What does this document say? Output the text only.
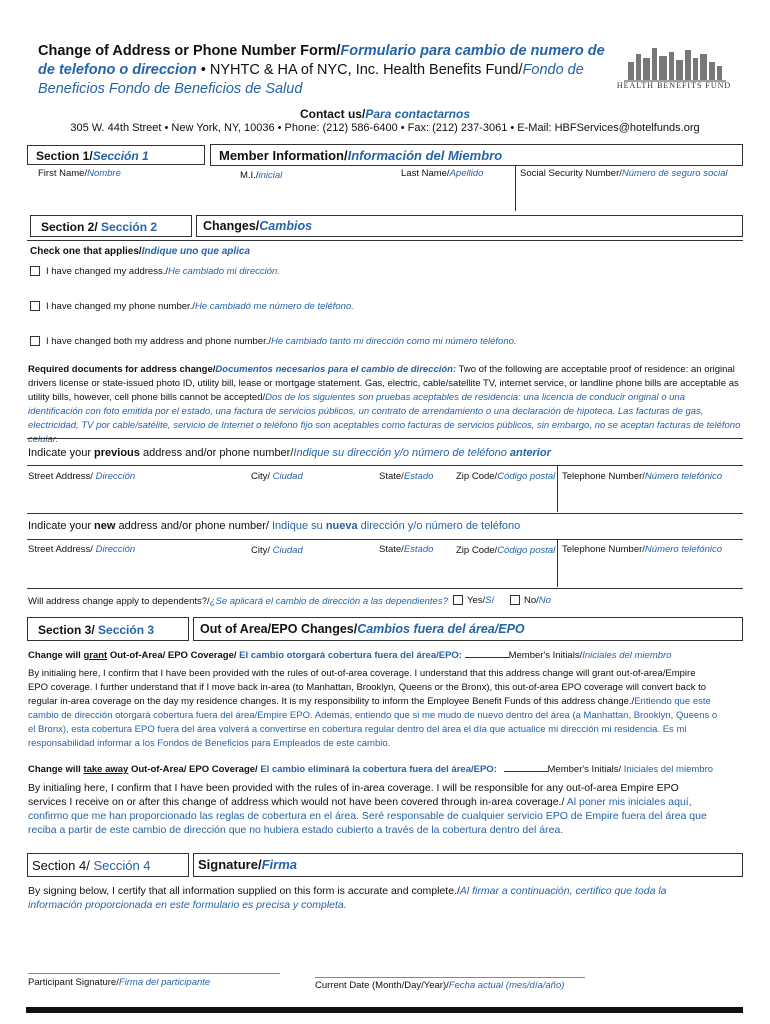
Change of Address or Phone Number Form/Formulario para cambio de numero de de telefono o direccion • NYHTC & HA of NYC, Inc. Health Benefits Fund/Fondo de Beneficios Fondo de Beneficios de Salud	HEALTH BENEFITS FUND
Contact us/Para contactarnos
305 W. 44th Street • New York, NY, 10036 • Phone: (212) 586-6400 • Fax: (212) 237-3061 • E-Mail: HBFServices@hotelfunds.org
Section 1/Sección 1	Member Information/Información del Miembro
First Name/Nombre	M.I./inicial	Last Name/Apellido	Social Security Number/Número de seguro social
Section 2/ Sección 2	Changes/Cambios
Check one that applies/Indique uno que aplica
I have changed my address./He cambiado mi dirección.
I have changed my phone number./He cambiadó me número de teléfono.
I have changed both my address and phone number./He cambiado tanto mi dirección como mi número teléfono.
Required documents for address change/Documentos necesarios para el cambio de dirección: Two of the following are acceptable proof of residence: an original drivers license or state-issued photo ID, utility bill, lease or mortgage statement. Gas, electric, cable/satellite TV, internet service, or landline phone bills are acceptable as utility bills, however, cell phone bills cannot be accepted/Dos de los siguientes son pruebas aceptables de residencia: una licencia de conducir original o una identificación con foto emitida por el estado, una factura de servicios públicos, un contrato de arrendamiento o una declaración de hipoteca. Las facturas de gas, electricidad, TV por cable/satélite, servicio de Internet o teléfono fijo son aceptables como facturas de servicios públicos, sin embargo, no se aceptan facturas de teléfono celular.
Indicate your previous address and/or phone number/Indique su dirección y/o número de teléfono anterior
Street Address/ Dirección	City/ Ciudad	State/Estado Zip Code/Código postal Telephone Number/Número telefónico
Indicate your new address and/or phone number/ Indique su nueva dirección y/o número de teléfono
Street Address/ Dirección	City/ Ciudad	State/Estado Zip Code/Código postal Telephone Number/Número telefónico
Will address change apply to dependents?/¿Se aplicará el cambio de dirección a las dependientes?	Yes/Sí	No/No
Section 3/ Sección 3	Out of Area/EPO Changes/Cambios fuera del área/EPO
Change will grant Out-of-Area/ EPO Coverage/ El cambio otorgará cobertura fuera del área/EPO:	Member's Initials/Iniciales del miembro
By initialing here, I confirm that I have been provided with the rules of out-of-area coverage. I understand that this address change will grant out-of-area/Empire EPO coverage. I further understand that if I move back in-area (to Manhattan, Brooklyn, Queens or the Bronx), this out-of-area EPO coverage will convert back to regular in-area coverage on the day my residence changes. It is my responsibility to inform the Employee Benefit Funds of this address change./Entiendo que este cambio de dirección otorgará cobertura fuera del área/Empire EPO. Además, entiendo que si me mudo de nuevo dentro del área (a Manhattan, Brooklyn, Queens o el Bronx), esta cobertura EPO fuera del área volverá a convertirse en cobertura regular dentro del área el día que actualice mi dirección mi residencia. Es mi responsabilidad informar a los Fondos de Beneficios para Empleados de este cambio.
Change will take away Out-of-Area/ EPO Coverage/ El cambio eliminará la cobertura fuera del área/EPO:	Member's Initials/ Iniciales del miembro
By initialing here, I confirm that I have been provided with the rules of in-area coverage. I will be responsible for any out-of-area Empire EPO services I receive on or after this change of address which would not have been covered through in-area coverage./ Al poner mis iniciales aquí, confirmo que me han proporcionado las reglas de cobertura en el área. Seré responsable de cualquier servicio EPO de Empire fuera del área que reciba a partir de este cambio de dirección que no hubiera estado cubierto a través de la cobertura dentro del área.
Section 4/ Sección 4	Signature/Firma
By signing below, I certify that all information supplied on this form is accurate and complete./Al firmar a continuación, certifico que toda la información proporcionada en este formulario es precisa y completa.
Participant Signature/Firma del participante	Current Date (Month/Day/Year)/Fecha actual (mes/día/año)
